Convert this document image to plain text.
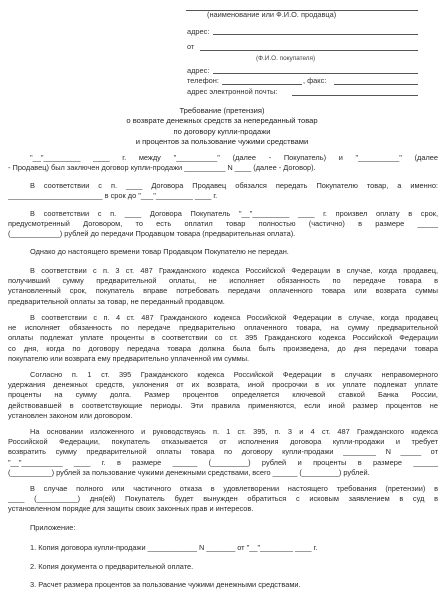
(наименование или Ф.И.О. продавца)
адрес:
от
(Ф.И.О. покупателя)
адрес:
телефон:	, факс:
адрес электронной почты:
Требование (претензия)
о возврате денежных средств за непереданный товар
по договору купли-продажи
и процентов за пользование чужими средствами
"__"_________ ____ г. между "__________" (далее - Покупатель) и "__________" (далее
- Продавец) был заключен договор купли-продажи __________ N ____ (далее - Договор).
В соответствии с п. ____ Договора Продавец обязался передать Покупателю товар, а именно:
_______________________ в срок до "___"_________ ____ г.
В соответствии с п. ____ Договора Покупатель "__"_________ ____ г. произвел оплату в срок,
предусмотренный Договором, то есть оплатил товар полностью (частично) в размере _____
(____________) рублей до передачи Продавцом товара (предварительная оплата).
Однако до настоящего времени товар Продавцом Покупателю не передан.
В соответствии с п. 3 ст. 487 Гражданского кодекса Российской Федерации в случае, когда продавец,
получивший сумму предварительной оплаты, не исполняет обязанность по передаче товара в
установленный срок, покупатель вправе потребовать передачи оплаченного товара или возврата суммы
предварительной оплаты за товар, не переданный продавцом.
В соответствии с п. 4 ст. 487 Гражданского кодекса Российской Федерации в случае, когда продавец
не исполняет обязанность по передаче предварительно оплаченного товара, на сумму предварительной
оплаты подлежат уплате проценты в соответствии со ст. 395 Гражданского кодекса Российской Федерации
со дня, когда по договору передача товара должна была быть произведена, до дня передачи товара
покупателю или возврата ему предварительно уплаченной им суммы.
Согласно п. 1 ст. 395 Гражданского кодекса Российской Федерации в случаях неправомерного
удержания денежных средств, уклонения от их возврата, иной просрочки в их уплате подлежат уплате
проценты на сумму долга. Размер процентов определяется ключевой ставкой Банка России,
действовавшей в соответствующие периоды. Эти правила применяются, если иной размер процентов не
установлен законом или договором.
На основании изложенного и руководствуясь п. 1 ст. 395, п. 3 и 4 ст. 487 Гражданского кодекса
Российской Федерации, покупатель отказывается от исполнения договора купли-продажи и требует
возвратить сумму предварительной оплаты товара по договору купли-продажи ________ N _____ от
"__"__________ ____ г. в размере ______ (_________) рублей и проценты в размере ______
(__________) рублей за пользование чужими денежными средствами, всего ______ (_________) рублей.
В случае полного или частичного отказа в удовлетворении настоящего требования (претензии) в
____ (__________) дня(ей) Покупатель будет вынужден обратиться с исковым заявлением в суд в
установленном порядке для защиты своих законных прав и интересов.
Приложение:
1. Копия договора купли-продажи ____________ N _______ от "__"________ ____ г.
2. Копия документа о предварительной оплате.
3. Расчет размера процентов за пользование чужими денежными средствами.
